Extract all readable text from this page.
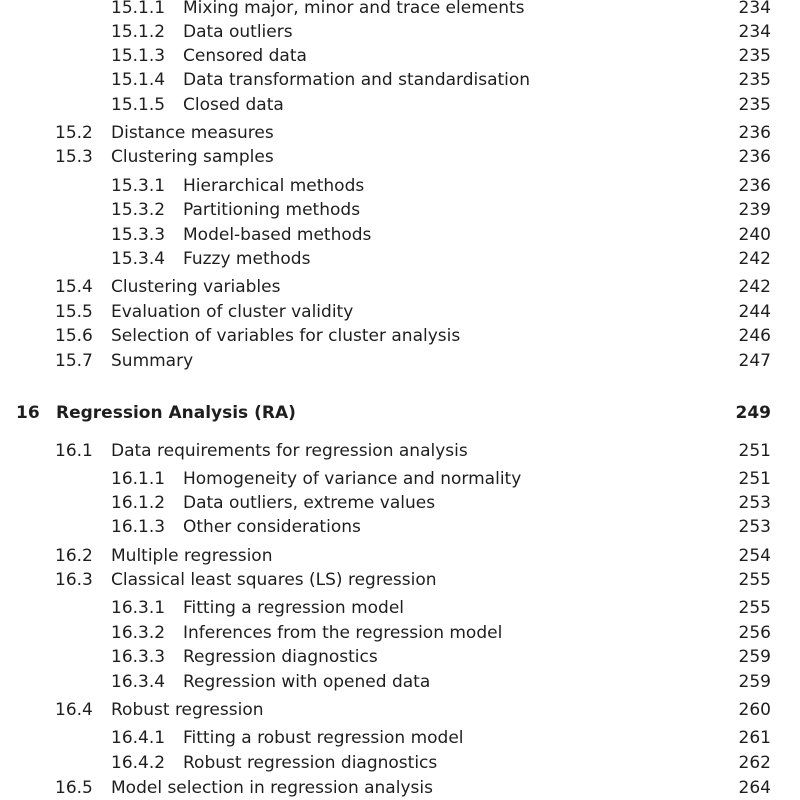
15.1.1 Mixing major, minor and trace elements	234
15.1.2 Data outliers	234
15.1.3 Censored data	235
15.1.4 Data transformation and standardisation	235
15.1.5 Closed data	235
15.2 Distance measures	236
15.3 Clustering samples	236
15.3.1 Hierarchical methods	236
15.3.2 Partitioning methods	239
15.3.3 Model-based methods	240
15.3.4 Fuzzy methods	242
15.4 Clustering variables	242
15.5 Evaluation of cluster validity	244
15.6 Selection of variables for cluster analysis	246
15.7 Summary	247
16 Regression Analysis (RA)	249
16.1 Data requirements for regression analysis	251
16.1.1 Homogeneity of variance and normality	251
16.1.2 Data outliers, extreme values	253
16.1.3 Other considerations	253
16.2 Multiple regression	254
16.3 Classical least squares (LS) regression	255
16.3.1 Fitting a regression model	255
16.3.2 Inferences from the regression model	256
16.3.3 Regression diagnostics	259
16.3.4 Regression with opened data	259
16.4 Robust regression	260
16.4.1 Fitting a robust regression model	261
16.4.2 Robust regression diagnostics	262
16.5 Model selection in regression analysis	264
